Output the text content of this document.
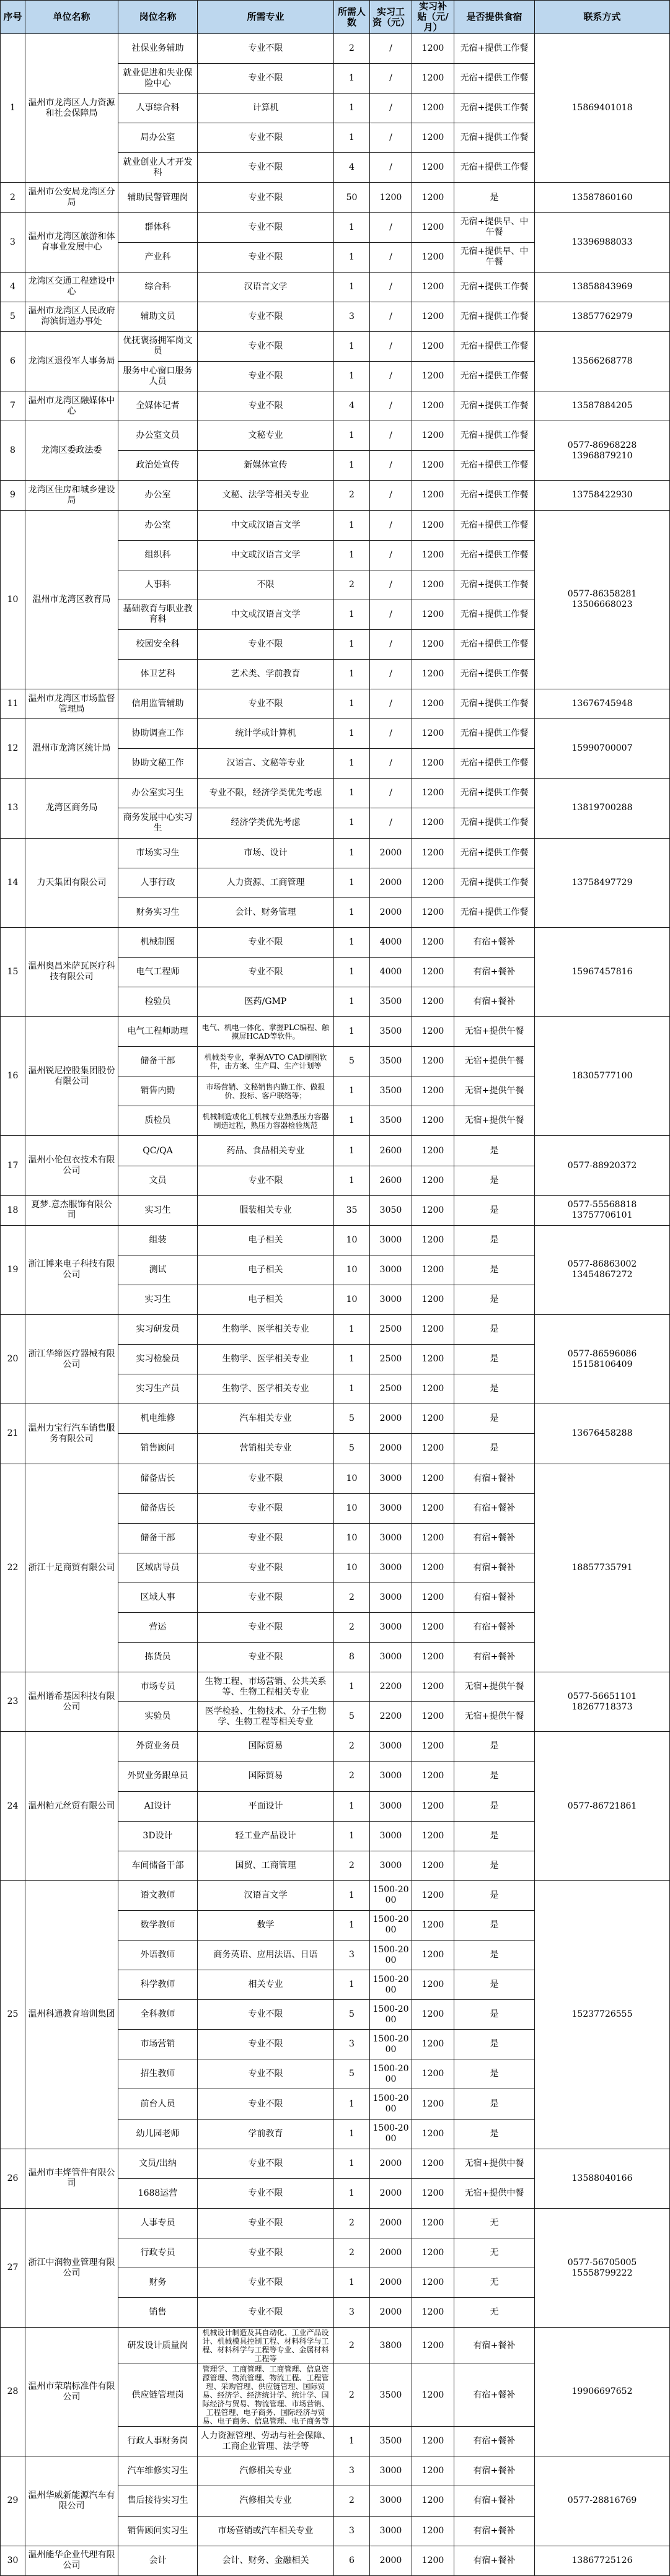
序号	单位名称	岗位名称	所需专业	所需人数	实习工资（元）	实习补贴（元/月）	是否提供食宿	联系方式
1	温州市龙湾区人力资源和社会保障局	社保业务辅助	专业不限	2	/	1200	无宿+提供工作餐	15869401018
		就业促进和失业保险中心	专业不限	1	/	1200	无宿+提供工作餐	
		人事综合科	计算机	1	/	1200	无宿+提供工作餐	
		局办公室	专业不限	1	/	1200	无宿+提供工作餐	
		就业创业人才开发科	专业不限	4	/	1200	无宿+提供工作餐	
2	温州市公安局龙湾区分局	辅助民警管理岗	专业不限	50	1200	1200	是	13587860160
3	温州市龙湾区旅游和体育事业发展中心	群体科	专业不限	1	/	1200	无宿+提供早、中午餐	13396988033
		产业科	专业不限	1	/	1200	无宿+提供早、中午餐	
4	龙湾区交通工程建设中心	综合科	汉语言文学	1	/	1200	无宿+提供工作餐	13858843969
5	温州市龙湾区人民政府海滨街道办事处	辅助文员	专业不限	3	/	1200	无宿+提供工作餐	13857762979
6	龙湾区退役军人事务局	优抚褒扬拥军岗文员	专业不限	1	/	1200	无宿+提供工作餐	13566268778
		服务中心窗口服务人员	专业不限	1	/	1200	无宿+提供工作餐	
7	温州市龙湾区融媒体中心	全媒体记者	专业不限	4	/	1200	无宿+提供工作餐	13587884205
8	龙湾区委政法委	办公室文员	文秘专业	1	/	1200	无宿+提供工作餐	0577-86968228
13968879210
		政治处宣传	新媒体宣传	1	/	1200	无宿+提供工作餐	
9	龙湾区住房和城乡建设局	办公室	文秘、法学等相关专业	2	/	1200	无宿+提供工作餐	13758422930
10	温州市龙湾区教育局	办公室	中文或汉语言文学	1	/	1200	无宿+提供工作餐	0577-86358281
13506668023
		组织科	中文或汉语言文学	1	/	1200	无宿+提供工作餐	
		人事科	不限	2	/	1200	无宿+提供工作餐	
		基础教育与职业教育科	中文或汉语言文学	1	/	1200	无宿+提供工作餐	
		校园安全科	专业不限	1	/	1200	无宿+提供工作餐	
		体卫艺科	艺术类、学前教育	1	/	1200	无宿+提供工作餐	
11	温州市龙湾区市场监督管理局	信用监管辅助	专业不限	1	/	1200	无宿+提供工作餐	13676745948
12	温州市龙湾区统计局	协助调查工作	统计学或计算机	1	/	1200	无宿+提供工作餐	15990700007
		协助文秘工作	汉语言、文秘等专业	1	/	1200	无宿+提供工作餐	
13	龙湾区商务局	办公室实习生	专业不限，经济学类优先考虑	1	/	1200	无宿+提供工作餐	13819700288
		商务发展中心实习生	经济学类优先考虑	1	/	1200	无宿+提供工作餐	
14	力天集团有限公司	市场实习生	市场、设计	1	2000	1200	无宿+提供工作餐	13758497729
		人事行政	人力资源、工商管理	1	2000	1200	无宿+提供工作餐	
		财务实习生	会计、财务管理	1	2000	1200	无宿+提供工作餐	
15	温州奥昌米萨瓦医疗科技有限公司	机械制图	专业不限	1	4000	1200	有宿+餐补	15967457816
		电气工程师	专业不限	1	4000	1200	有宿+餐补	
		检验员	医药/GMP	1	3500	1200	有宿+餐补	
16	温州锐尼控股集团股份有限公司	电气工程师助理	电气、机电一体化、掌握PLC编程、触摸屏HCAD等软件。	1	3500	1200	无宿+提供午餐	18305777100
		储备干部	机械类专业，掌握AVTO CAD制图软件，击方案、生产周、生产计划等	5	3500	1200	无宿+提供午餐	
		销售内勤	市场营销、文秘销售内勤工作、做报价、投标、客户联络等；	1	3500	1200	无宿+提供午餐	
		质检员	机械制造或化工机械专业熟悉压力容器制造过程，熟压力容器检验规范	1	3500	1200	无宿+提供午餐	
17	温州小伦包衣技术有限公司	QC/QA	药品、食品相关专业	1	2600	1200	是	0577-88920372
		文员	专业不限	1	2600	1200	是	
18	夏梦.意杰服饰有限公司	实习生	服装相关专业	35	3050	1200	是	0577-55568818
13757706101
19	浙江博来电子科技有限公司	组装	电子相关	10	3000	1200	是	0577-86863002
13454867272
		测试	电子相关	10	3000	1200	是	
		实习生	电子相关	10	3000	1200	是	
20	浙江华缔医疗器械有限公司	实习研发员	生物学、医学相关专业	1	2500	1200	是	0577-86596086
15158106409
		实习检验员	生物学、医学相关专业	1	2500	1200	是	
		实习生产员	生物学、医学相关专业	1	2500	1200	是	
21	温州力宝行汽车销售服务有限公司	机电维修	汽车相关专业	5	2000	1200	是	13676458288
		销售顾问	营销相关专业	5	2000	1200	是	
22	浙江十足商贸有限公司	储备店长	专业不限	10	3000	1200	有宿+餐补	18857735791
		储备店长	专业不限	10	3000	1200	有宿+餐补	
		储备干部	专业不限	10	3000	1200	有宿+餐补	
		区域店导员	专业不限	10	3000	1200	有宿+餐补	
		区域人事	专业不限	2	3000	1200	有宿+餐补	
		营运	专业不限	2	3000	1200	有宿+餐补	
		拣货员	专业不限	8	3000	1200	有宿+餐补	
23	温州谱希基因科技有限公司	市场专员	生物工程、市场营销、公共关系等、生物工程相关专业	1	2200	1200	无宿+提供午餐	0577-56651101
18267718373
		实验员	医学检验、生物技术、分子生物学、生物工程等相关专业	5	2200	1200	无宿+提供午餐	
24	温州粕元丝贸有限公司	外贸业务员	国际贸易	2	3000	1200	是	0577-86721861
		外贸业务跟单员	国际贸易	2	3000	1200	是	
		AI设计	平面设计	1	3000	1200	是	
		3D设计	轻工业产品设计	1	3000	1200	是	
		车间储备干部	国贸、工商管理	2	3000	1200	是	
25	温州科通教育培训集团	语文教师	汉语言文学	1	1500-2000	1200	是	15237726555
		数学教师	数学	1	1500-2000	1200	是	
		外语教师	商务英语、应用法语、日语	3	1500-2000	1200	是	
		科学教师	相关专业	1	1500-2000	1200	是	
		全科教师	专业不限	5	1500-2000	1200	是	
		市场营销	专业不限	3	1500-2000	1200	是	
		招生教师	专业不限	5	1500-2000	1200	是	
		前台人员	专业不限	1	1500-2000	1200	是	
		幼儿园老师	学前教育	1	1500-2000	1200	是	
26	温州市丰烨管件有限公司	文员/出纳	专业不限	1	2000	1200	无宿+提供中餐	13588040166
		1688运营	专业不限	1	2000	1200	无宿+提供中餐	
27	浙江中润物业管理有限公司	人事专员	专业不限	2	2000	1200	无	0577-56705005
15558799222
		行政专员	专业不限	2	2000	1200	无	
		财务	专业不限	1	2000	1200	无	
		销售	专业不限	3	2000	1200	无	
28	温州市荣瑞标准件有限公司	研发设计质量岗	机械设计制造及其自动化、工业产品设计、机械模具控制工程、材料科学与工程、材料科学与工程等专业、金属材料工程等	2	3800	1200	有宿+餐补	19906697652
		供应链管理岗	管理学、工商管理、工商管理、信息资源管理、物流管理、物流工程、工程管理、采购管理、供应链管理、国际贸易、经济学、经济统计学、统计学、国际经济与贸易、物流管理、市场营销、工程管理、电子商务、国际经济与贸易、电子商务、信息管理、电子商务等	2	3500	1200	有宿+餐补	
		行政人事财务岗	人力资源管理、劳动与社会保障、工商企业管理、法学等	1	3500	1200	有宿+餐补	
29	温州华威新能源汽车有限公司	汽车维修实习生	汽修相关专业	3	3000	1200	有宿+餐补	0577-28816769
		售后接待实习生	汽修相关专业	2	3000	1200	有宿+餐补	
		销售顾问实习生	市场营销或汽车相关专业	3	3000	1200	有宿+餐补	
30	温州能华企业代理有限公司	会计	会计、财务、金融相关	6	2000	1200	有宿+餐补	13867725126
